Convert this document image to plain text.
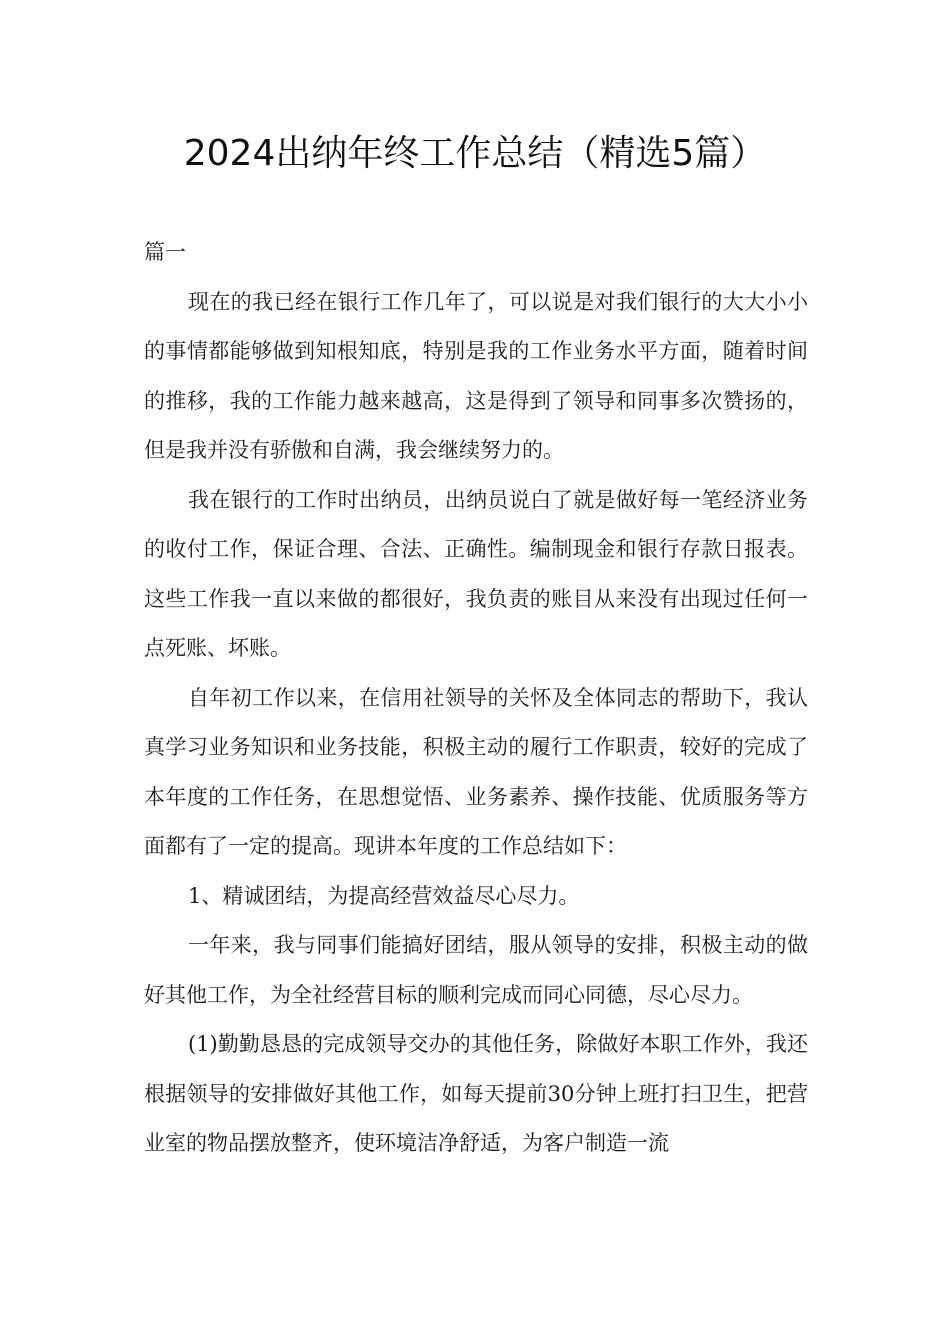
2024出纳年终工作总结（精选5篇）

篇一

现在的我已经在银行工作几年了，可以说是对我们银行的大大小小的事情都能够做到知根知底，特别是我的工作业务水平方面，随着时间的推移，我的工作能力越来越高，这是得到了领导和同事多次赞扬的，但是我并没有骄傲和自满，我会继续努力的。

我在银行的工作时出纳员，出纳员说白了就是做好每一笔经济业务的收付工作，保证合理、合法、正确性。编制现金和银行存款日报表。这些工作我一直以来做的都很好，我负责的账目从来没有出现过任何一点死账、坏账。

自年初工作以来，在信用社领导的关怀及全体同志的帮助下，我认真学习业务知识和业务技能，积极主动的履行工作职责，较好的完成了本年度的工作任务，在思想觉悟、业务素养、操作技能、优质服务等方面都有了一定的提高。现讲本年度的工作总结如下：

1、精诚团结，为提高经营效益尽心尽力。

一年来，我与同事们能搞好团结，服从领导的安排，积极主动的做好其他工作，为全社经营目标的顺利完成而同心同德，尽心尽力。

(1)勤勤恳恳的完成领导交办的其他任务，除做好本职工作外，我还根据领导的安排做好其他工作，如每天提前30分钟上班打扫卫生，把营业室的物品摆放整齐，使环境洁净舒适，为客户制造一流
